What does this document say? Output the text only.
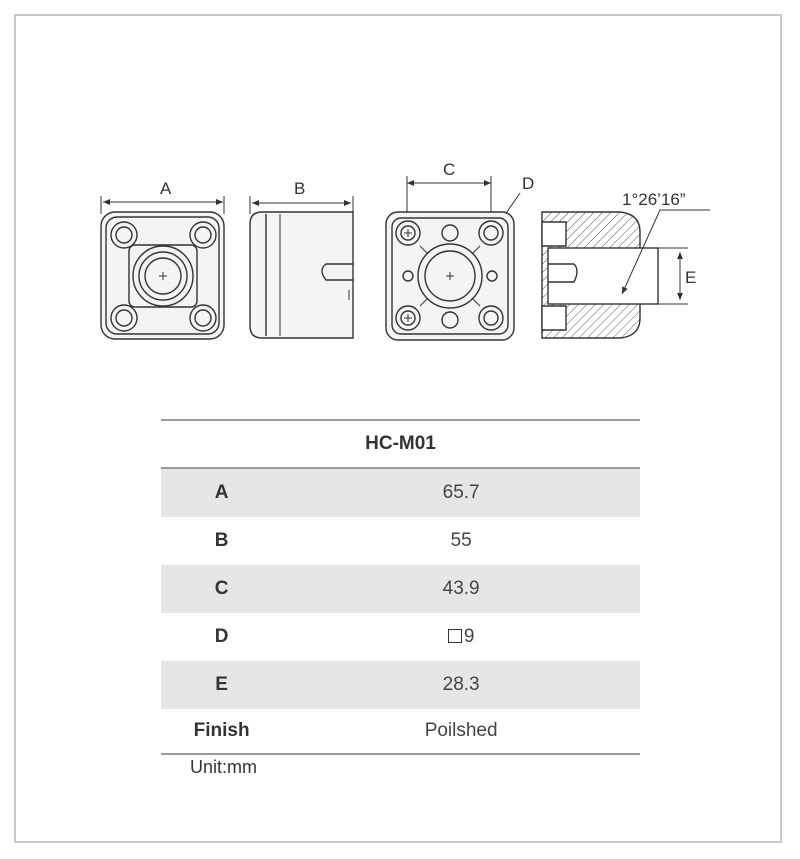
A	B
C
D
1°26’16”
E
HC-M01	
A	65.7
B	55
C	43.9
D	9
E	28.3
Finish	Poilshed
Unit:mm
